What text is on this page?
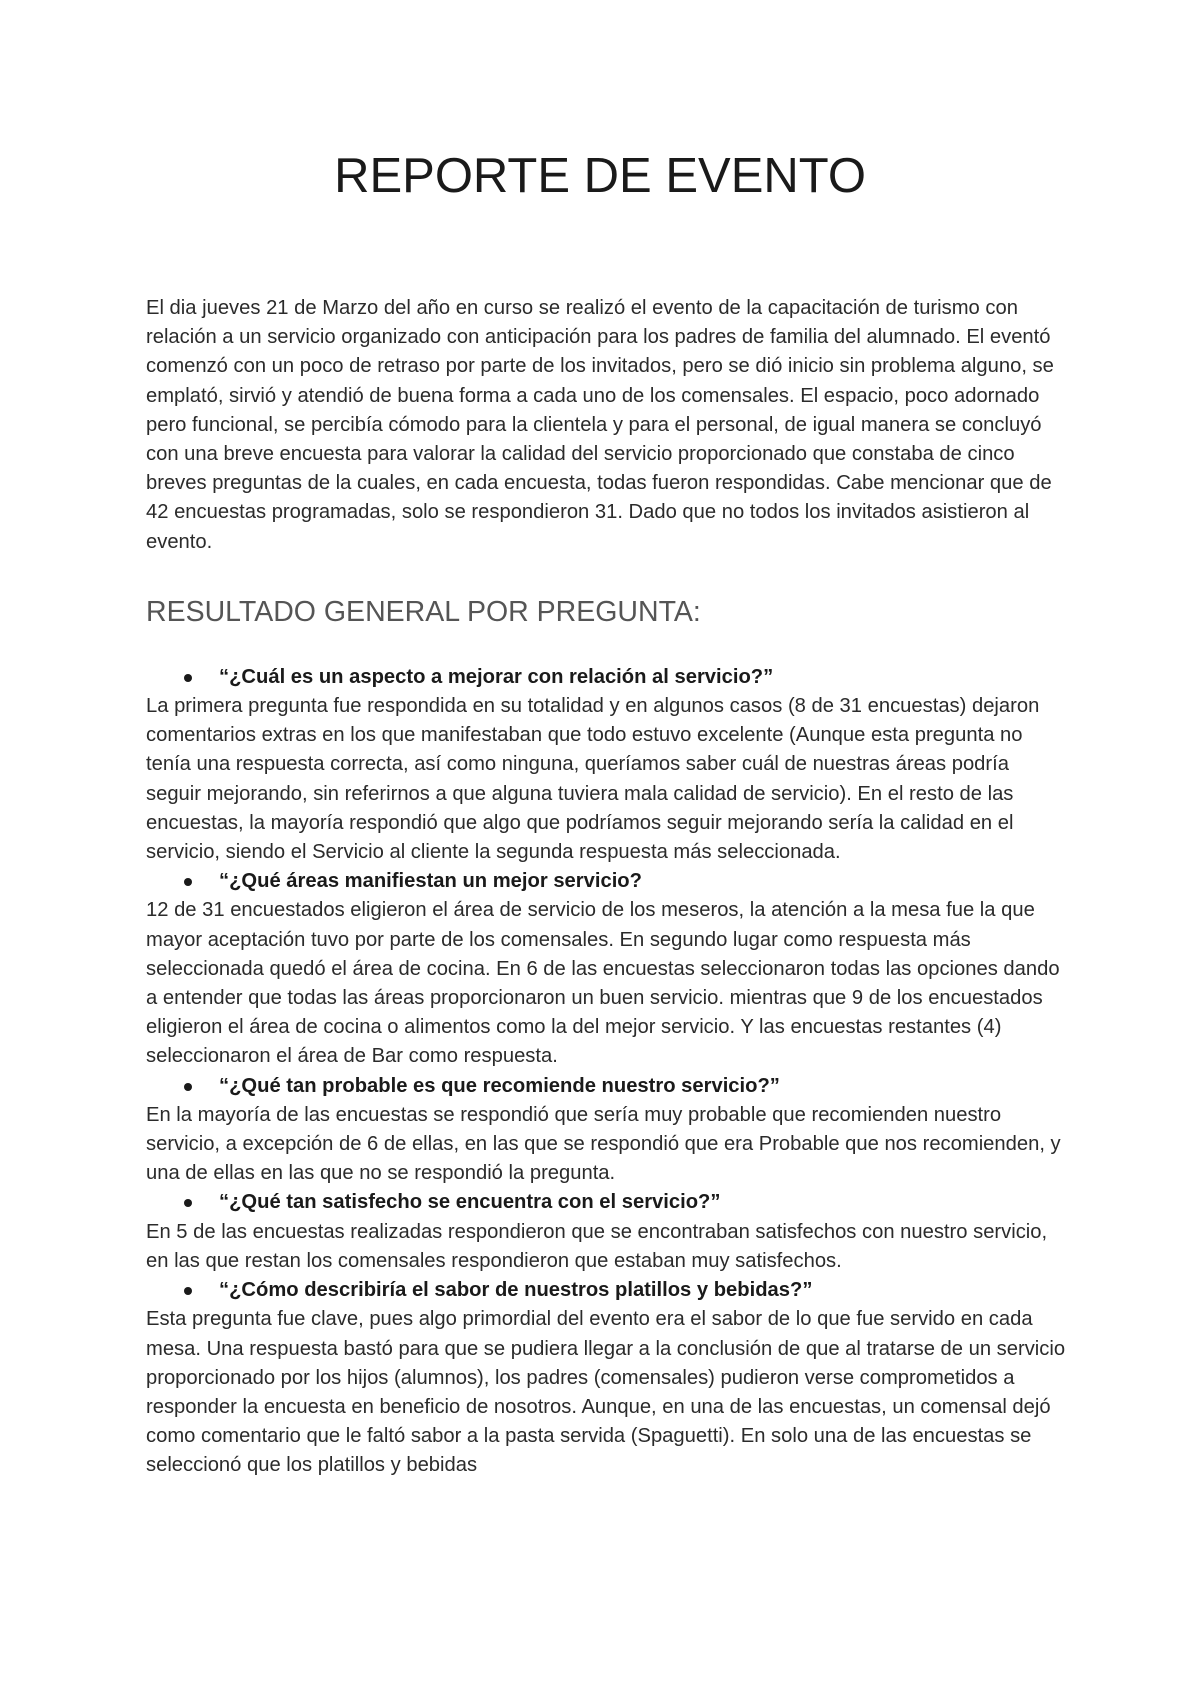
REPORTE DE EVENTO

El dia jueves 21 de Marzo del año en curso se realizó el evento de la capacitación de turismo con relación a un servicio organizado con anticipación para los padres de familia del alumnado. El eventó comenzó con un poco de retraso por parte de los invitados, pero se dió inicio sin problema alguno, se emplató, sirvió y atendió de buena forma a cada uno de los comensales. El espacio, poco adornado pero funcional, se percibía cómodo para la clientela y para el personal, de igual manera se concluyó con una breve encuesta para valorar la calidad del servicio proporcionado que constaba de cinco breves preguntas de la cuales, en cada encuesta, todas fueron respondidas. Cabe mencionar que de 42 encuestas programadas, solo se respondieron 31. Dado que no todos los invitados asistieron al evento.

RESULTADO GENERAL POR PREGUNTA:
“¿Cuál es un aspecto a mejorar con relación al servicio?”

La primera pregunta fue respondida en su totalidad y en algunos casos (8 de 31 encuestas) dejaron comentarios extras en los que manifestaban que todo estuvo excelente (Aunque esta pregunta no tenía una respuesta correcta, así como ninguna, queríamos saber cuál de nuestras áreas podría seguir mejorando, sin referirnos a que alguna tuviera mala calidad de servicio). En el resto de las encuestas, la mayoría respondió que algo que podríamos seguir mejorando sería la calidad en el servicio, siendo el Servicio al cliente la segunda respuesta más seleccionada.

“¿Qué áreas manifiestan un mejor servicio?

12 de 31 encuestados eligieron el área de servicio de los meseros, la atención a la mesa fue la que mayor aceptación tuvo por parte de los comensales. En segundo lugar como respuesta más seleccionada quedó el área de cocina. En 6 de las encuestas seleccionaron todas las opciones dando a entender que todas las áreas proporcionaron un buen servicio. mientras que 9 de los encuestados eligieron el área de cocina o alimentos como la del mejor servicio. Y las encuestas restantes (4) seleccionaron el área de Bar como respuesta.

“¿Qué tan probable es que recomiende nuestro servicio?”

En la mayoría de las encuestas se respondió que sería muy probable que recomienden nuestro servicio, a excepción de 6 de ellas, en las que se respondió que era Probable que nos recomienden, y una de ellas en las que no se respondió la pregunta.

“¿Qué tan satisfecho se encuentra con el servicio?”

En 5 de las encuestas realizadas respondieron que se encontraban satisfechos con nuestro servicio, en las que restan los comensales respondieron que estaban muy satisfechos.

“¿Cómo describiría el sabor de nuestros platillos y bebidas?”

Esta pregunta fue clave, pues algo primordial del evento era el sabor de lo que fue servido en cada mesa. Una respuesta bastó para que se pudiera llegar a la conclusión de que al tratarse de un servicio proporcionado por los hijos (alumnos), los padres (comensales) pudieron verse comprometidos a responder la encuesta en beneficio de nosotros. Aunque, en una de las encuestas, un comensal dejó como comentario que le faltó sabor a la pasta servida (Spaguetti). En solo una de las encuestas se seleccionó que los platillos y bebidas
